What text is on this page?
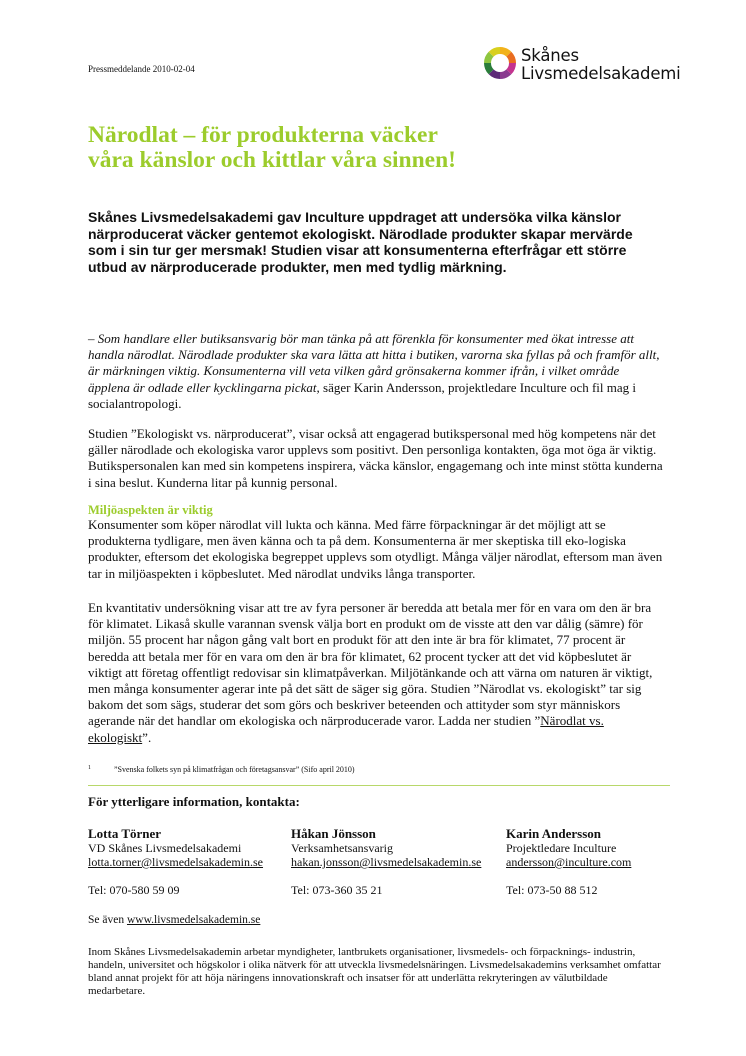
Pressmeddelande 2010-02-04
Skånes
Livsmedelsakademi
Närodlat – för produkterna väcker
våra känslor och kittlar våra sinnen!

Skånes Livsmedelsakademi gav Inculture uppdraget att undersöka vilka känslor närproducerat väcker gentemot ekologiskt. Närodlade produkter skapar mervärde som i sin tur ger mersmak! Studien visar att konsumenterna efterfrågar ett större utbud av närproducerade produkter, men med tydlig märkning.

– Som handlare eller butiksansvarig bör man tänka på att förenkla för konsumenter med ökat intresse att handla närodlat. Närodlade produkter ska vara lätta att hitta i butiken, varorna ska fyllas på och framför allt, är märkningen viktig. Konsumenterna vill veta vilken gård grönsakerna kommer ifrån, i vilket område äpplena är odlade eller kycklingarna pickat, säger Karin Andersson, projektledare Inculture och fil mag i socialantropologi.

Studien ”Ekologiskt vs. närproducerat”, visar också att engagerad butikspersonal med hög kompetens när det gäller närodlade och ekologiska varor upplevs som positivt. Den personliga kontakten, öga mot öga är viktig. Butikspersonalen kan med sin kompetens inspirera, väcka känslor, engagemang och inte minst stötta kunderna i sina beslut. Kunderna litar på kunnig personal.

Miljöaspekten är viktig

Konsumenter som köper närodlat vill lukta och känna. Med färre förpackningar är det möjligt att se produkterna tydligare, men även känna och ta på dem. Konsumenterna är mer skeptiska till eko-logiska produkter, eftersom det ekologiska begreppet upplevs som otydligt. Många väljer närodlat, eftersom man även tar in miljöaspekten i köpbeslutet. Med närodlat undviks långa transporter.

En kvantitativ undersökning visar att tre av fyra personer är beredda att betala mer för en vara om den är bra för klimatet. Likaså skulle varannan svensk välja bort en produkt om de visste att den var dålig (sämre) för miljön. 55 procent har någon gång valt bort en produkt för att den inte är bra för klimatet, 77 procent är beredda att betala mer för en vara om den är bra för klimatet, 62 procent tycker att det vid köpbeslutet är viktigt att företag offentligt redovisar sin klimatpåverkan. Miljötänkande och att värna om naturen är viktigt, men många konsumenter agerar inte på det sätt de säger sig göra. Studien ”Närodlat vs. ekologiskt” tar sig bakom det som sägs, studerar det som görs och beskriver beteenden och attityder som styr människors agerande när det handlar om ekologiska och närproducerade varor. Ladda ner studien ”Närodlat vs. ekologiskt”.

1	”Svenska folkets syn på klimatfrågan och företagsansvar” (Sifo april 2010)
För ytterligare information, kontakta:
Lotta Törner
VD Skånes Livsmedelsakademi
lotta.torner@livsmedelsakademin.se
Tel: 070-580 59 09
Håkan Jönsson
Verksamhetsansvarig
hakan.jonsson@livsmedelsakademin.se
Tel: 073-360 35 21
Karin Andersson
Projektledare Inculture
andersson@inculture.com
Tel: 073-50 88 512
Se även www.livsmedelsakademin.se

Inom Skånes Livsmedelsakademin arbetar myndigheter, lantbrukets organisationer, livsmedels- och förpacknings- industrin, handeln, universitet och högskolor i olika nätverk för att utveckla livsmedelsnäringen. Livsmedelsakademins verksamhet omfattar bland annat projekt för att höja näringens innovationskraft och insatser för att underlätta rekryteringen av välutbildade medarbetare.
